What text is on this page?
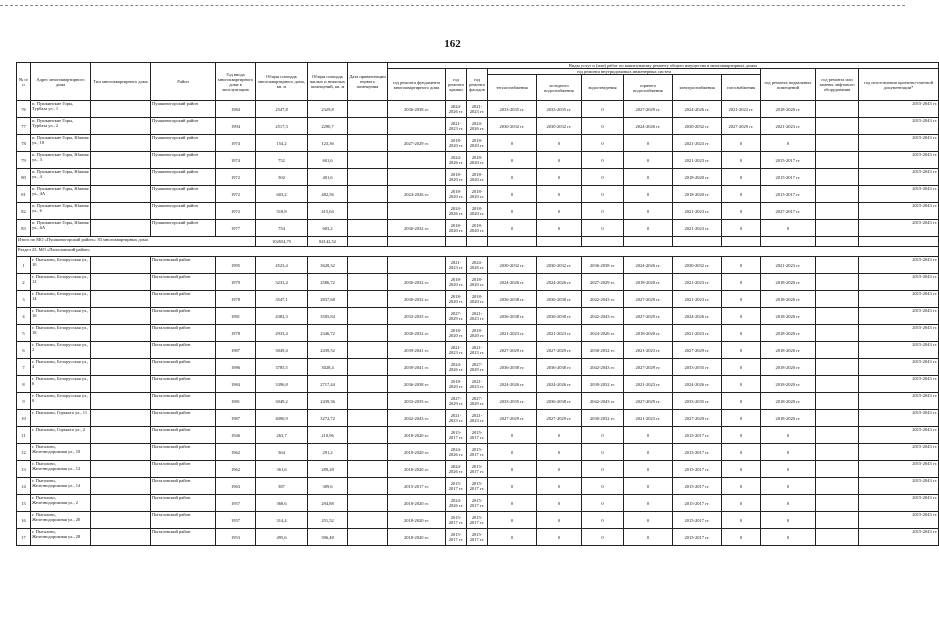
162
№ п/п	Адрес многоквартирного дома	Тип многоквартирного дома	Район	Год ввода многоквартирного дома в эксплуатацию	Общая площадь многоквартирного дома, кв. м	Общая площадь жилых и нежилых помещений, кв. м	Дата приватизации первого помещения	Виды услуг и (или) работ по капитальному ремонту общего имущества в многоквартирных домах											
								год ремонта фундамента многоквартирного дома	год ремонта крыши	год ремонта фасадов	год ремонта внутридомовых инженерных систем						год ремонта подвальных помещений	год ремонта или замены лифтового оборудования	год изготовления проектно-сметной документации*
											теплоснабжения	холодного водоснабжения	водоотведения	горячего водоснабжения	электроснабжения	газоснабжения			
76	п. Пушкинские Горы, Турбаза ул., 1		Пушкиногорский район	1984	2547,8	2329,8		2036-2038 гг.	2024-2026 гг.	2021-2023 гг.	2033-2035 гг.	2033-2035 гг.	0	2027-2029 гг.	2024-2026 гг.	2021-2023 гг.	2018-2020 гг.		2015-2043 гг.
77	п. Пушкинские Горы, Турбаза ул., 2		Пушкиногорский район	1994	2517,3	2290,7			2021-2023 гг.	2024-2026 гг.	2030-2032 гг.	2030-2032 гг.	0	2024-2026 гг.	2030-2032 гг.	2027-2029 гг.	2021-2023 гг.		2015-2043 гг.
78	п. Пушкинские Горы, Южная ул., 18		Пушкиногорский район	1974	154,2	123,36		2027-2029 гг.	2018-2020 гг.	2018-2020 гг.	0	0	0	0	2021-2023 гг.	0	0		2015-2043 гг.
79	п. Пушкинские Горы, Южная ул., 3		Пушкиногорский район	1974	752	601,6			2024-2026 гг.	2018-2020 гг.	0	0	0	0	2021-2023 гг.	0	2015-2017 гг.		2015-2043 гг.
80	п. Пушкинские Горы, Южная ул., 4		Пушкиногорский район	1972	502	401,6			2018-2020 гг.	2018-2020 гг.	0	0	0	0	2018-2020 гг.	0	2015-2017 гг.		2015-2043 гг.
81	п. Пушкинские Горы, Южная ул., 4А		Пушкиногорский район	1972	603,2	482,56		2024-2026 гг.	2018-2020 гг.	2018-2020 гг.	0	0	0	0	2018-2020 гг.	0	2015-2017 гг.		2015-2043 гг.
82	п. Пушкинские Горы, Южная ул., 6		Пушкиногорский район	1972	518,8	415,04			2024-2026 гг.	2018-2020 гг.	0	0	0	0	2021-2023 гг.	0	2027-2017 гг.		2015-2043 гг.
83	п. Пушкинские Горы, Южная ул., 6А		Пушкиногорский район	1977	754	603,2		2030-2032 гг.	2018-2020 гг.	2018-2020 гг.	0	0	0	0	2021-2023 гг.	0	0		2015-2043 гг.
Итого по МО «Пушкиногорский район»: 83 многоквартирных дома					102654,75	84142,52													
Раздел 23. МО «Пыталовский район»																			
1	г. Пыталово, Белорусская ул., 10		Пыталовский район	1995	4523,4	3628,32			2021-2023 гг.	2024-2026 гг.	2030-2032 гг.	2030-2032 гг.	2036-2038 гг.	2024-2026 гг.	2030-2032 гг.	0	2021-2023 гг.		2015-2043 гг.
2	г. Пыталово, Белорусская ул., 12		Пыталовский район	1979	3233,4	2586,72		2030-2032 гг.	2018-2020 гг.	2018-2020 гг.	2024-2026 гг.	2024-2026 гг.	2027-2029 гг.	2018-2020 гг.	2021-2023 гг.	0	2018-2020 гг.		2015-2043 гг.
3	г. Пыталово, Белорусская ул., 14		Пыталовский район	1978	3547,1	2837,68		2030-2032 гг.	2018-2020 гг.	2018-2020 гг.	2036-2038 гг.	2036-2038 гг.	2042-2043 гг.	2027-2029 гг.	2021-2023 гг.	0	2018-2020 гг.		2015-2043 гг.
4	г. Пыталово, Белорусская ул., 16		Пыталовский район	1981	4382,3	3505,84		2033-2035 гг.	2027-2029 гг.	2021-2023 гг.	2036-2038 гг.	2036-2038 гг.	2042-2043 гг.	2027-2029 гг.	2024-2026 гг.	0	2018-2020 гг.		2015-2043 гг.
5	г. Пыталово, Белорусская ул., 18		Пыталовский район	1978	2933,4	2346,72		2030-2032 гг.	2018-2020 гг.	2018-2020 гг.	2021-2023 гг.	2021-2023 гг.	2024-2026 гг.	2018-2020 гг.	2021-2023 гг.	0	2018-2020 гг.		2015-2043 гг.
6	г. Пыталово, Белорусская ул., 2		Пыталовский район	1987	3049,4	2439,52		2039-2041 гг.	2021-2023 гг.	2021-2023 гг.	2027-2029 гг.	2027-2029 гг.	2030-2032 гг.	2021-2023 гг.	2027-2029 гг.	0	2018-2020 гг.		2015-2043 гг.
7	г. Пыталово, Белорусская ул., 4		Пыталовский район	1986	3785,5	3028,4		2039-2041 гг.	2024-2026 гг.	2027-2029 гг.	2036-2038 гг.	2036-2038 гг.	2042-2043 гг.	2027-2029 гг.	2033-2035 гг.	0	2018-2020 гг.		2015-2043 гг.
8	г. Пыталово, Белорусская ул., 6		Пыталовский район	1984	3396,8	2717,44		2036-2038 гг.	2018-2020 гг.	2021-2023 гг.	2024-2026 гг.	2024-2026 гг.	2030-2032 гг.	2021-2023 гг.	2024-2026 гг.	0	2018-2020 гг.		2015-2043 гг.
9	г. Пыталово, Белорусская ул., 8		Пыталовский район	1981	3049,2	2439,36		2033-2035 гг.	2027-2029 гг.	2027-2029 гг.	2033-2035 гг.	2036-2038 гг.	2042-2043 гг.	2027-2029 гг.	2033-2035 гг.	0	2018-2020 гг.		2015-2043 гг.
10	г. Пыталово, Горького ул., 11		Пыталовский район	1987	4090,9	3272,72		2042-2043 гг.	2021-2023 гг.	2021-2023 гг.	2027-2029 гг.	2027-2029 гг.	2030-2032 гг.	2021-2023 гг.	2027-2029 гг.	0	2018-2020 гг.		2015-2043 гг.
11	г. Пыталово, Горького ул., 2		Пыталовский район	1946	263,7	210,96		2018-2020 гг.	2015-2017 гг.	2015-2017 гг.	0	0	0	0	2015-2017 гг.	0	0		2015-2043 гг.
12	г. Пыталово, Железнодорожная ул., 10		Пыталовский район	1962	364	291,2		2018-2020 гг.	2024-2026 гг.	2015-2017 гг.	0	0	0	0	2015-2017 гг.	0	0		2015-2043 гг.
13	г. Пыталово, Железнодорожная ул., 12		Пыталовский район	1962	361,6	289,28		2018-2020 гг.	2024-2026 гг.	2015-2017 гг.	0	0	0	0	2015-2017 гг.	0	0		2015-2043 гг.
14	г. Пыталово, Железнодорожная ул., 14		Пыталовский район	1963	387	309,6		2015-2017 гг.	2015-2017 гг.	2015-2017 гг.	0	0	0	0	2015-2017 гг.	0	0		2015-2043 гг.
15	г. Пыталово, Железнодорожная ул., 2		Пыталовский район	1957	368,6	294,88		2018-2020 гг.	2024-2026 гг.	2015-2017 гг.	0	0	0	0	2015-2017 гг.	0	0		2015-2043 гг.
16	г. Пыталово, Железнодорожная ул., 20		Пыталовский район	1957	314,4	251,52		2018-2020 гг.	2015-2017 гг.	2015-2017 гг.	0	0	0	0	2015-2017 гг.	0	0		2015-2043 гг.
17	г. Пыталово, Железнодорожная ул., 28		Пыталовский район	1953	495,6	396,48		2018-2020 гг.	2015-2017 гг.	2015-2017 гг.	0	0	0	0	2015-2017 гг.	0	0		2015-2043 гг.
